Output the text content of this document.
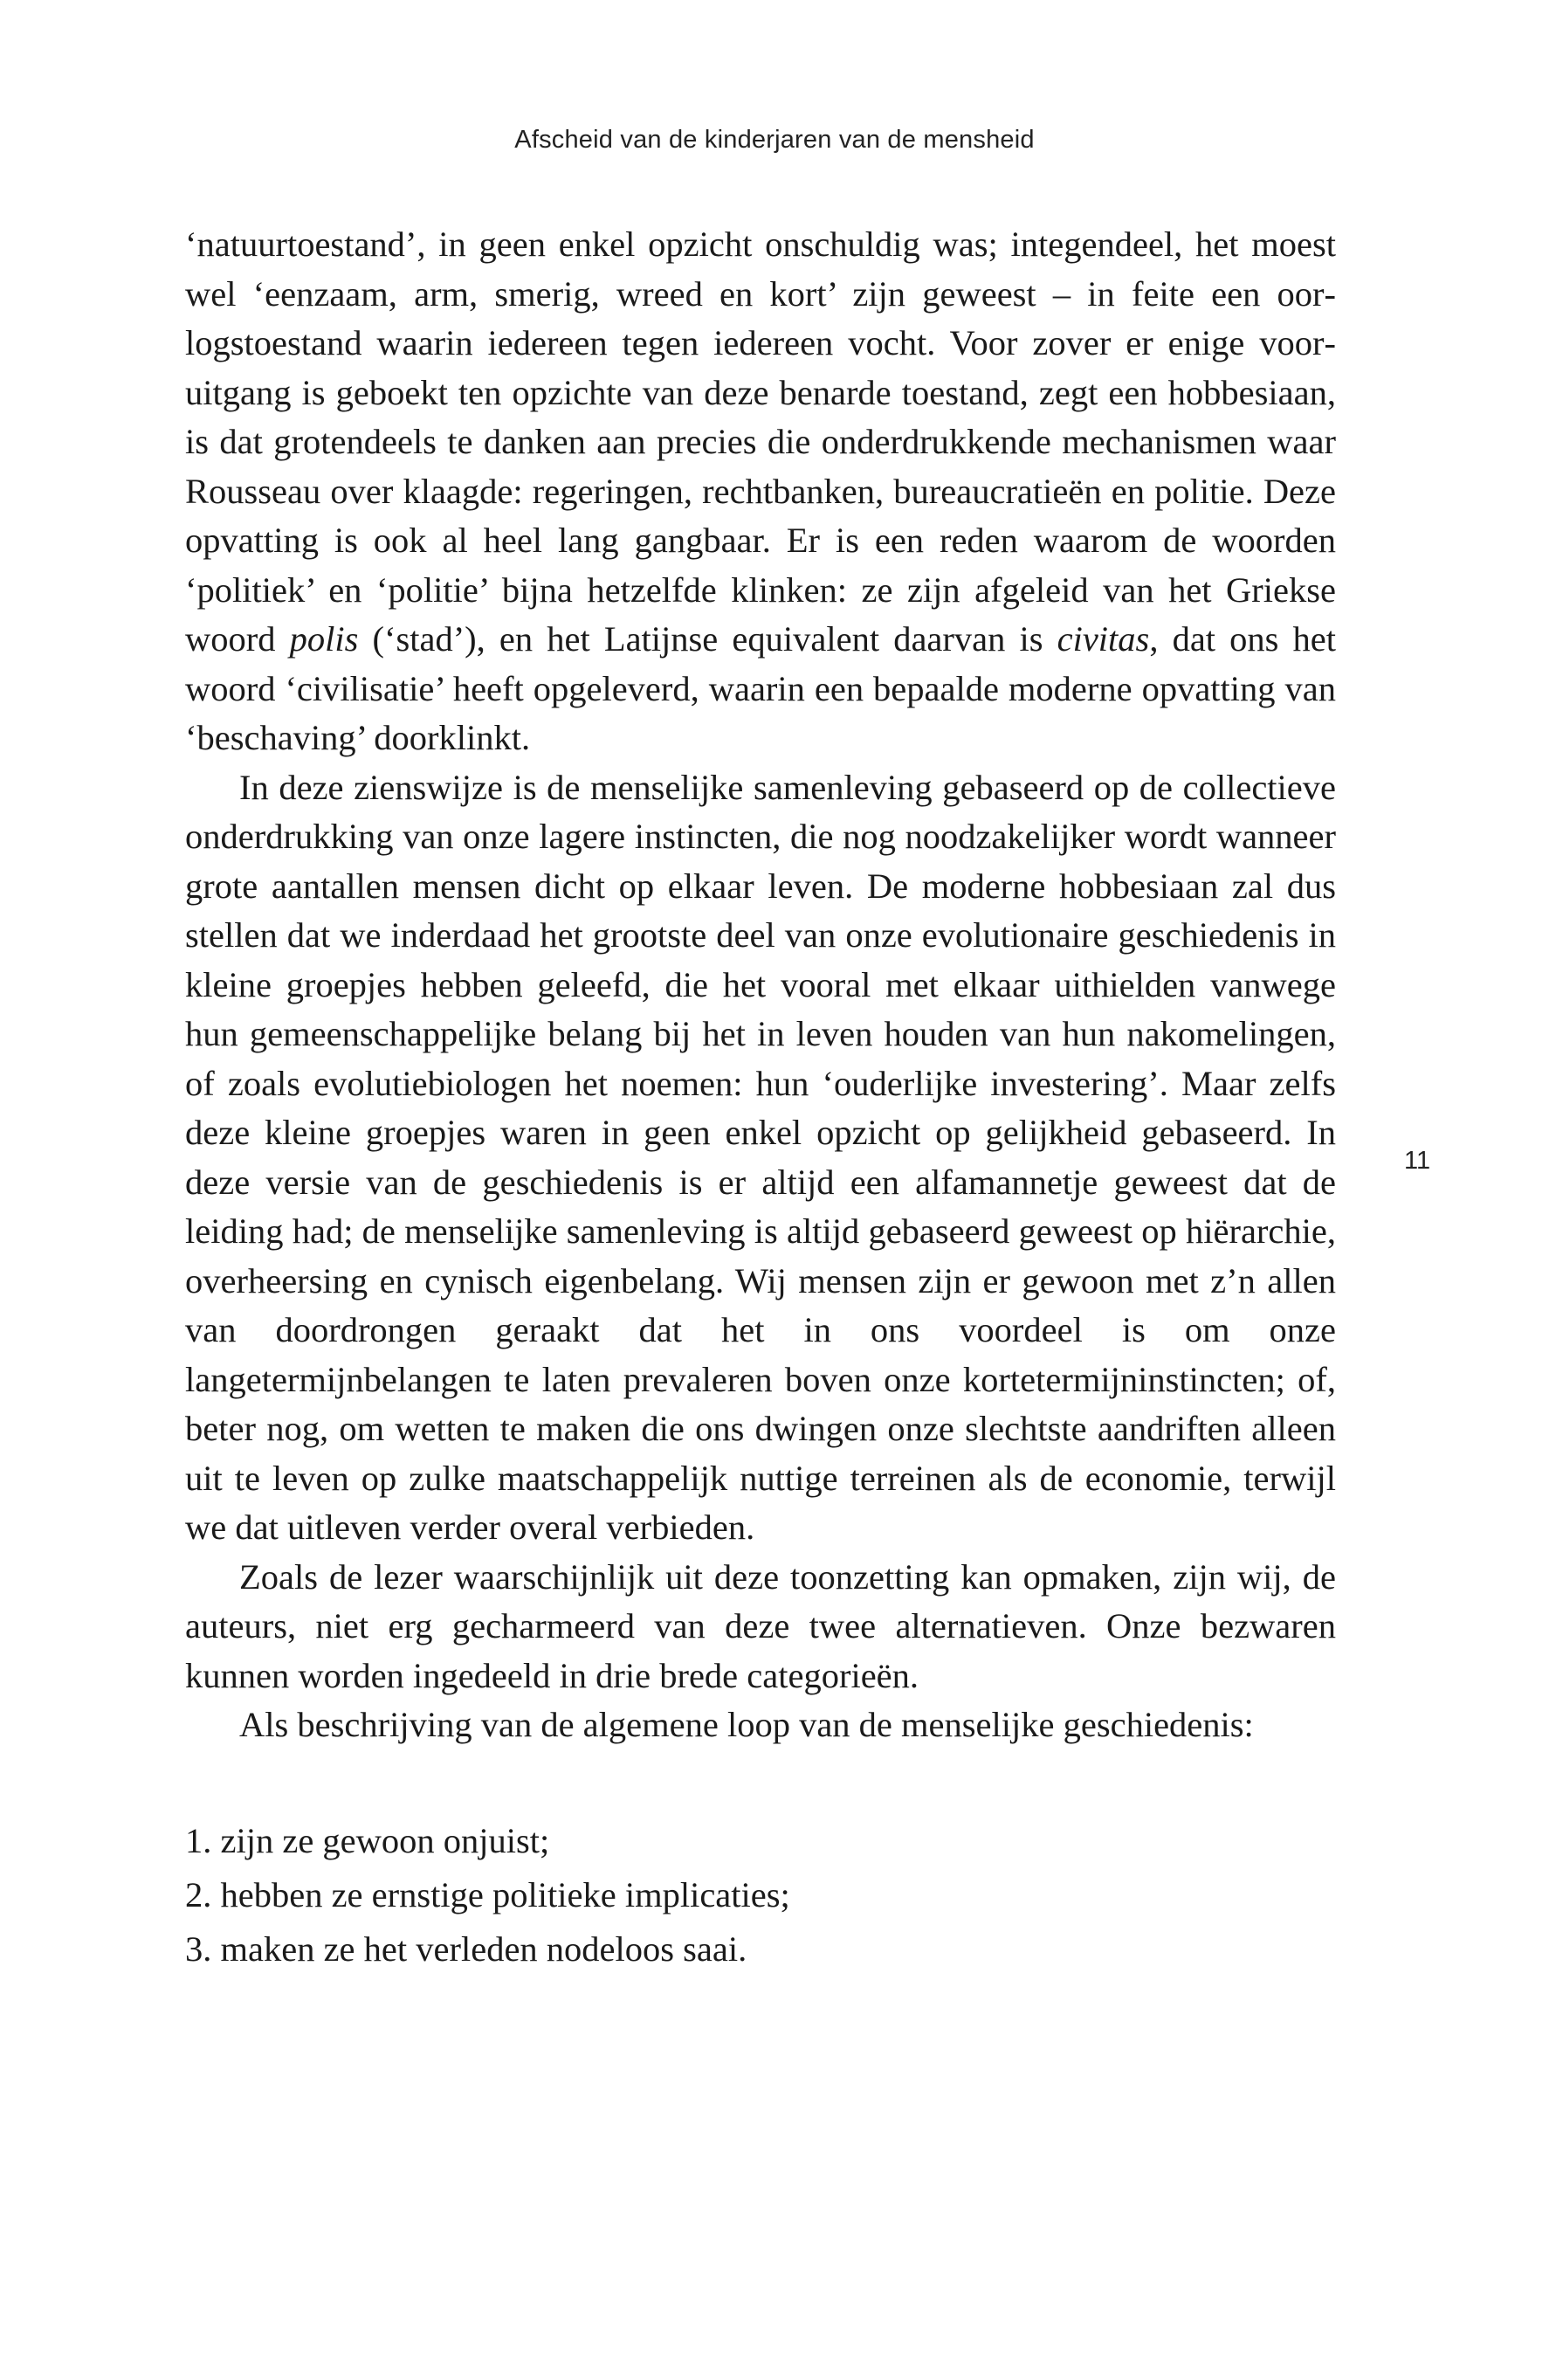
Afscheid van de kinderjaren van de mensheid
11

‘natuurtoestand’, in geen enkel opzicht onschuldig was; integendeel, het moest wel ‘eenzaam, arm, smerig, wreed en kort’ zijn geweest – in feite een oorlogstoestand waarin iedereen tegen iedereen vocht. Voor zover er enige vooruitgang is geboekt ten opzichte van deze benarde toestand, zegt een hobbesiaan, is dat grotendeels te danken aan precies die onderdrukkende mechanismen waar Rousseau over klaagde: regeringen, rechtbanken, bureaucratieën en politie. Deze opvatting is ook al heel lang gangbaar. Er is een reden waarom de woorden ‘politiek’ en ‘politie’ bijna hetzelfde klinken: ze zijn afgeleid van het Griekse woord polis (‘stad’), en het Latijnse equivalent daarvan is civitas, dat ons het woord ‘civilisatie’ heeft opgeleverd, waarin een bepaalde moderne opvatting van ‘beschaving’ doorklinkt.

In deze zienswijze is de menselijke samenleving gebaseerd op de collectieve onderdrukking van onze lagere instincten, die nog noodzakelijker wordt wanneer grote aantallen mensen dicht op elkaar leven. De moderne hobbesiaan zal dus stellen dat we inderdaad het grootste deel van onze evolutionaire geschiedenis in kleine groepjes hebben geleefd, die het vooral met elkaar uithielden vanwege hun gemeenschappelijke belang bij het in leven houden van hun nakomelingen, of zoals evolutiebiologen het noemen: hun ‘ouderlijke investering’. Maar zelfs deze kleine groepjes waren in geen enkel opzicht op gelijkheid gebaseerd. In deze versie van de geschiedenis is er altijd een alfamannetje geweest dat de leiding had; de menselijke samenleving is altijd gebaseerd geweest op hiërarchie, overheersing en cynisch eigenbelang. Wij mensen zijn er gewoon met z’n allen van doordrongen geraakt dat het in ons voordeel is om onze langetermijnbelangen te laten prevaleren boven onze kortetermijninstincten; of, beter nog, om wetten te maken die ons dwingen onze slechtste aandriften alleen uit te leven op zulke maatschappelijk nuttige terreinen als de economie, terwijl we dat uitleven verder overal verbieden.

Zoals de lezer waarschijnlijk uit deze toonzetting kan opmaken, zijn wij, de auteurs, niet erg gecharmeerd van deze twee alternatieven. Onze bezwaren kunnen worden ingedeeld in drie brede categorieën.

Als beschrijving van de algemene loop van de menselijke geschiedenis:

1. zijn ze gewoon onjuist;
2. hebben ze ernstige politieke implicaties;
3. maken ze het verleden nodeloos saai.
